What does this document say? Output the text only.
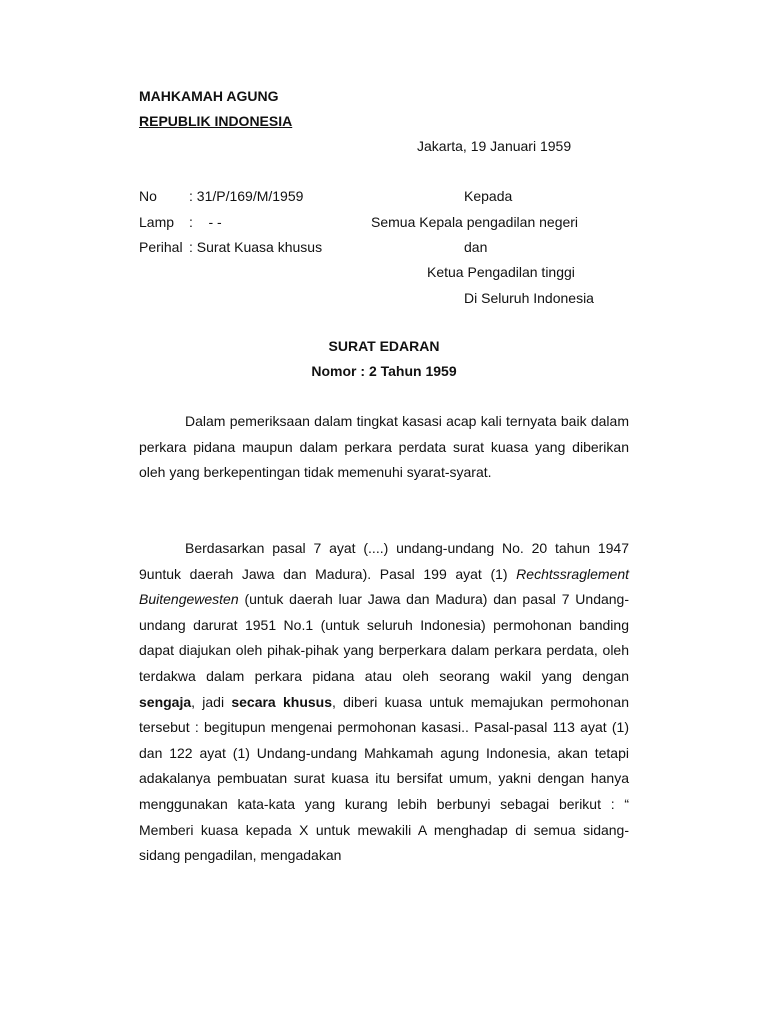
MAHKAMAH AGUNG
REPUBLIK INDONESIA
Jakarta, 19 Januari 1959
No : 31/P/169/M/1959
Lamp :    - -
Perihal : Surat Kuasa khusus
Kepada
Semua Kepala pengadilan negeri
dan
Ketua Pengadilan tinggi
Di Seluruh Indonesia
SURAT EDARAN
Nomor : 2 Tahun 1959
Dalam pemeriksaan dalam tingkat kasasi acap kali ternyata baik dalam perkara pidana maupun dalam perkara perdata surat kuasa yang diberikan oleh yang berkepentingan tidak memenuhi syarat-syarat.
Berdasarkan pasal 7 ayat (....) undang-undang No. 20 tahun 1947 9untuk daerah Jawa dan Madura). Pasal 199 ayat (1) Rechtssraglement Buitengewesten (untuk daerah luar Jawa dan Madura) dan pasal 7 Undang-undang darurat 1951 No.1 (untuk seluruh Indonesia) permohonan banding dapat diajukan oleh pihak-pihak yang berperkara dalam perkara perdata, oleh terdakwa dalam perkara pidana atau oleh seorang wakil yang dengan sengaja, jadi secara khusus, diberi kuasa untuk memajukan permohonan tersebut : begitupun mengenai permohonan kasasi.. Pasal-pasal 113 ayat (1) dan 122 ayat (1) Undang-undang Mahkamah agung Indonesia, akan tetapi adakalanya pembuatan surat kuasa itu bersifat umum, yakni dengan hanya menggunakan kata-kata yang kurang lebih berbunyi sebagai berikut : “ Memberi kuasa kepada X untuk mewakili A menghadap di semua sidang-sidang pengadilan, mengadakan
